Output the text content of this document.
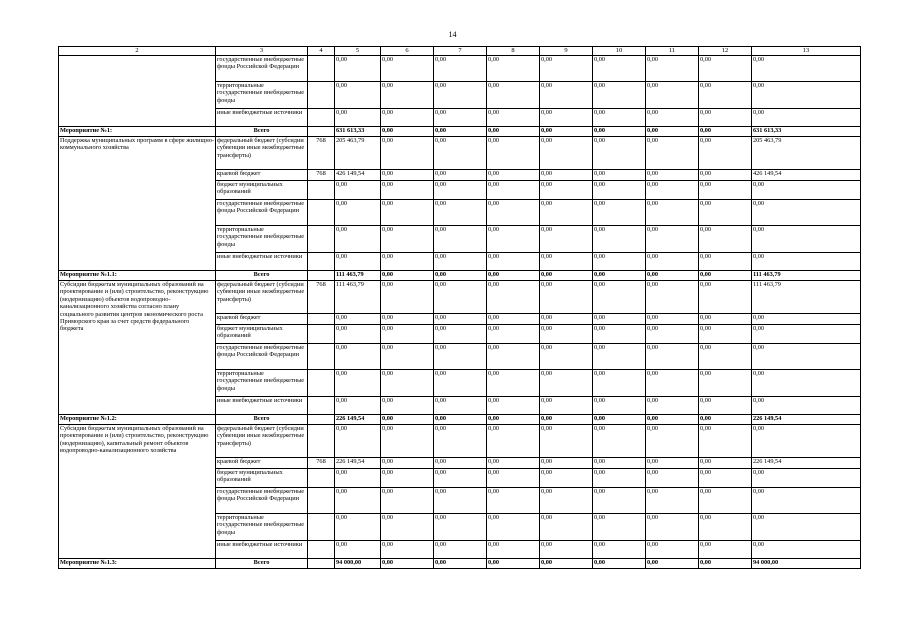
14
2	3	4	5	6	7	8	9	10	11	12	13
	государственные внебюджетные фонды Российской Федерации		0,00	0,00	0,00	0,00	0,00	0,00	0,00	0,00	0,00
	территориальные государственные внебюджетные фонды		0,00	0,00	0,00	0,00	0,00	0,00	0,00	0,00	0,00
	иные внебюджетные источники		0,00	0,00	0,00	0,00	0,00	0,00	0,00	0,00	0,00
Мероприятие №1:	Всего		631 613,33	0,00	0,00	0,00	0,00	0,00	0,00	0,00	631 613,33
Поддержка муниципальных программ в сфере жилищно-коммунального хозяйства	федеральный бюджет (субсидии субвенции иные межбюджетные трансферты)	768	205 463,79	0,00	0,00	0,00	0,00	0,00	0,00	0,00	205 463,79
	краевой бюджет	768	426 149,54	0,00	0,00	0,00	0,00	0,00	0,00	0,00	426 149,54
	бюджет муниципальных образований		0,00	0,00	0,00	0,00	0,00	0,00	0,00	0,00	0,00
	государственные внебюджетные фонды Российской Федерации		0,00	0,00	0,00	0,00	0,00	0,00	0,00	0,00	0,00
	территориальные государственные внебюджетные фонды		0,00	0,00	0,00	0,00	0,00	0,00	0,00	0,00	0,00
	иные внебюджетные источники		0,00	0,00	0,00	0,00	0,00	0,00	0,00	0,00	0,00
Мероприятие №1.1:	Всего		111 463,79	0,00	0,00	0,00	0,00	0,00	0,00	0,00	111 463,79
Субсидии бюджетам муниципальных образований на проектирование и (или) строительство, реконструкцию (модернизацию) объектов водопроводно-канализационного хозяйства согласно плану социального развития центров экономического роста Приморского края за счет средств федерального бюджета	федеральный бюджет (субсидии субвенции иные межбюджетные трансферты)	768	111 463,79	0,00	0,00	0,00	0,00	0,00	0,00	0,00	111 463,79
	краевой бюджет		0,00	0,00	0,00	0,00	0,00	0,00	0,00	0,00	0,00
	бюджет муниципальных образований		0,00	0,00	0,00	0,00	0,00	0,00	0,00	0,00	0,00
	государственные внебюджетные фонды Российской Федерации		0,00	0,00	0,00	0,00	0,00	0,00	0,00	0,00	0,00
	территориальные государственные внебюджетные фонды		0,00	0,00	0,00	0,00	0,00	0,00	0,00	0,00	0,00
	иные внебюджетные источники		0,00	0,00	0,00	0,00	0,00	0,00	0,00	0,00	0,00
Мероприятие №1.2:	Всего		226 149,54	0,00	0,00	0,00	0,00	0,00	0,00	0,00	226 149,54
Субсидии бюджетам муниципальных образований на проектирование и (или) строительство, реконструкцию (модернизацию), капитальный ремонт объектов водопроводно-канализационного хозяйства	федеральный бюджет (субсидии субвенции иные межбюджетные трансферты)		0,00	0,00	0,00	0,00	0,00	0,00	0,00	0,00	0,00
	краевой бюджет	768	226 149,54	0,00	0,00	0,00	0,00	0,00	0,00	0,00	226 149,54
	бюджет муниципальных образований		0,00	0,00	0,00	0,00	0,00	0,00	0,00	0,00	0,00
	государственные внебюджетные фонды Российской Федерации		0,00	0,00	0,00	0,00	0,00	0,00	0,00	0,00	0,00
	территориальные государственные внебюджетные фонды		0,00	0,00	0,00	0,00	0,00	0,00	0,00	0,00	0,00
	иные внебюджетные источники		0,00	0,00	0,00	0,00	0,00	0,00	0,00	0,00	0,00
Мероприятие №1.3:	Всего		94 000,00	0,00	0,00	0,00	0,00	0,00	0,00	0,00	94 000,00
